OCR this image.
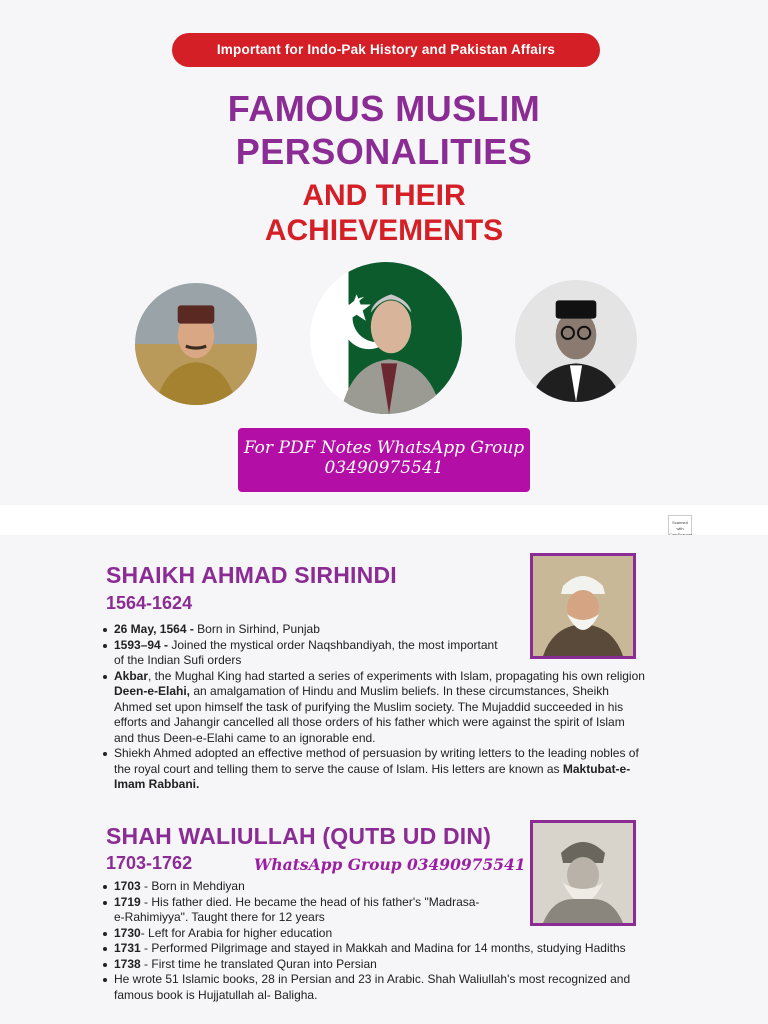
Important for Indo-Pak History and Pakistan Affairs
FAMOUS MUSLIM
PERSONALITIES
AND THEIR
ACHIEVEMENTS
For PDF Notes WhatsApp Group
03490975541
Scanned with
SHAIKH AHMAD SIRHINDI
1564-1624
26 May, 1564 - Born in Sirhind, Punjab
1593–94 - Joined the mystical order Naqshbandiyah, the most important of the Indian Sufi orders
Akbar, the Mughal King had started a series of experiments with Islam, propagating his own religion Deen-e-Elahi, an amalgamation of Hindu and Muslim beliefs. In these circumstances, Sheikh Ahmed set upon himself the task of purifying the Muslim society. The Mujaddid succeeded in his efforts and Jahangir cancelled all those orders of his father which were against the spirit of Islam and thus Deen-e-Elahi came to an ignorable end.
Shiekh Ahmed adopted an effective method of persuasion by writing letters to the leading nobles of the royal court and telling them to serve the cause of Islam. His letters are known as Maktubat-e-Imam Rabbani.
SHAH WALIULLAH (QUTB UD DIN)
1703-1762	WhatsApp Group 03490975541
1703 - Born in Mehdiyan
1719 - His father died. He became the head of his father's "Madrasa-e-Rahimiyya". Taught there for 12 years
1730- Left for Arabia for higher education
1731 - Performed Pilgrimage and stayed in Makkah and Madina for 14 months, studying Hadiths
1738 - First time he translated Quran into Persian
He wrote 51 Islamic books, 28 in Persian and 23 in Arabic. Shah Waliullah's most recognized and famous book is Hujjatullah al- Baligha.
